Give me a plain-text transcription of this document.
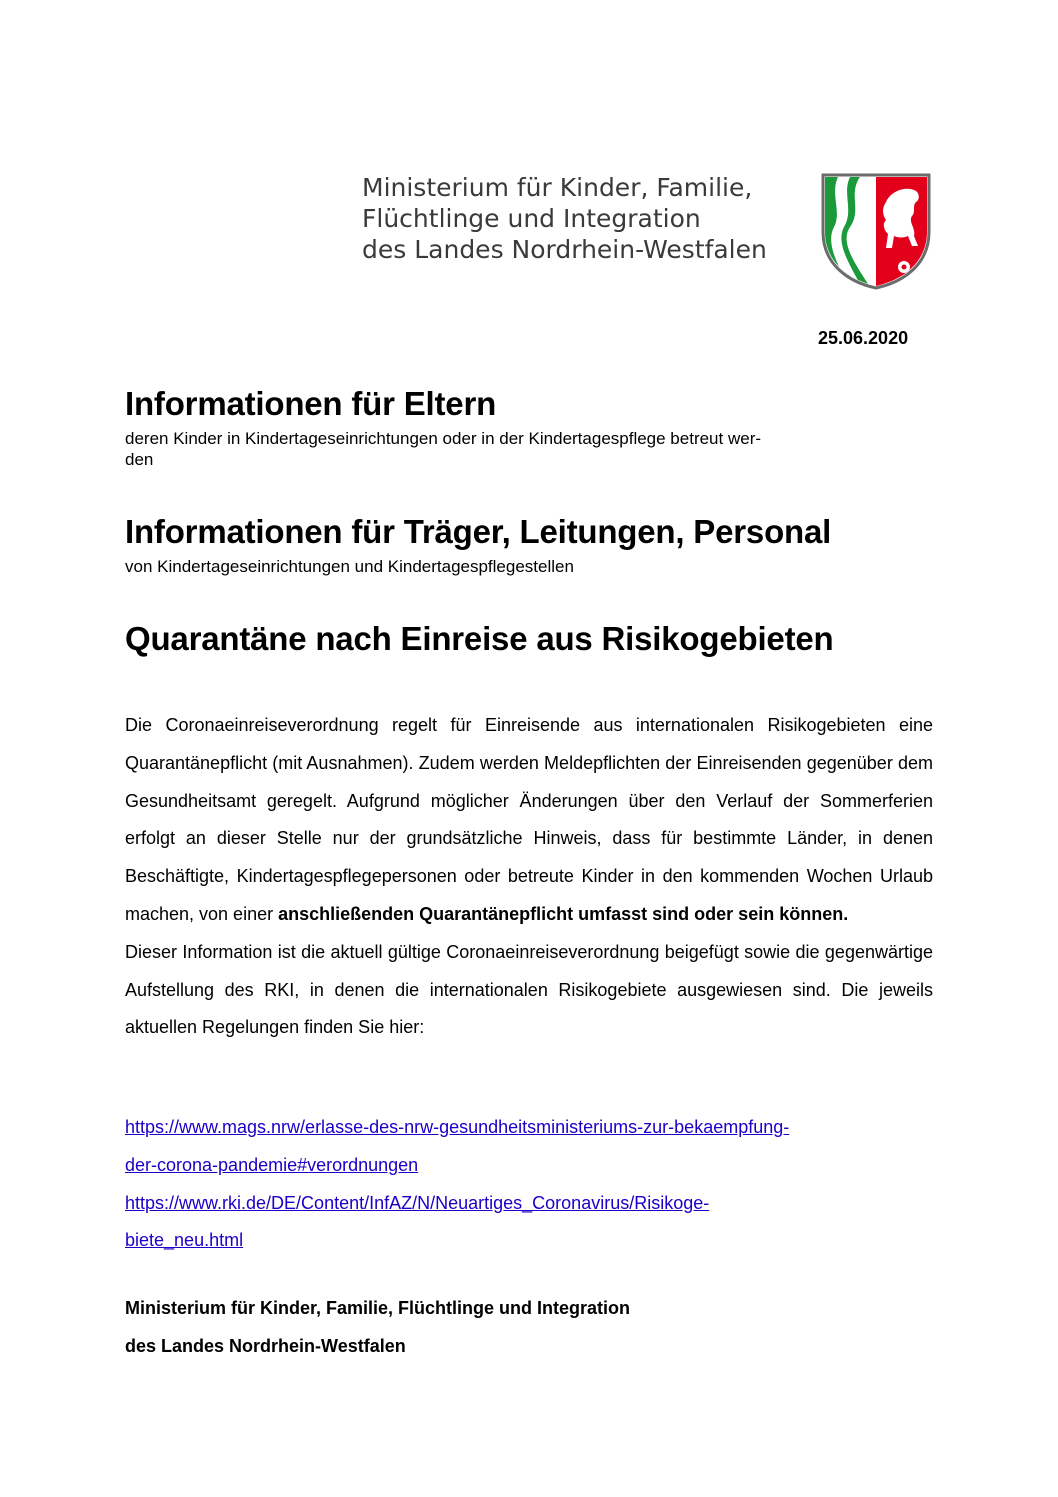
Ministerium für Kinder, Familie,
Flüchtlinge und Integration
des Landes Nordrhein-Westfalen
25.06.2020
Informationen für Eltern
deren Kinder in Kindertageseinrichtungen oder in der Kindertagespflege betreut wer-
den
Informationen für Träger, Leitungen, Personal
von Kindertageseinrichtungen und Kindertagespflegestellen
Quarantäne nach Einreise aus Risikogebieten

Die Coronaeinreiseverordnung regelt für Einreisende aus internationalen Risikogebieten eine Quarantänepflicht (mit Ausnahmen). Zudem werden Meldepflichten der Einreisenden gegenüber dem Gesundheitsamt geregelt. Aufgrund möglicher Änderungen über den Verlauf der Sommerferien erfolgt an dieser Stelle nur der grundsätzliche Hinweis, dass für bestimmte Länder, in denen Beschäftigte, Kindertagespflegepersonen oder betreute Kinder in den kommenden Wochen Urlaub machen, von einer anschließenden Quarantänepflicht umfasst sind oder sein können.

Dieser Information ist die aktuell gültige Coronaeinreiseverordnung beigefügt sowie die gegenwärtige Aufstellung des RKI, in denen die internationalen Risikogebiete ausgewiesen sind. Die jeweils aktuellen Regelungen finden Sie hier:

https://www.mags.nrw/erlasse-des-nrw-gesundheitsministeriums-zur-bekaempfung-
der-corona-pandemie#verordnungen
https://www.rki.de/DE/Content/InfAZ/N/Neuartiges_Coronavirus/Risikoge-
biete_neu.html
Ministerium für Kinder, Familie, Flüchtlinge und Integration
des Landes Nordrhein-Westfalen
